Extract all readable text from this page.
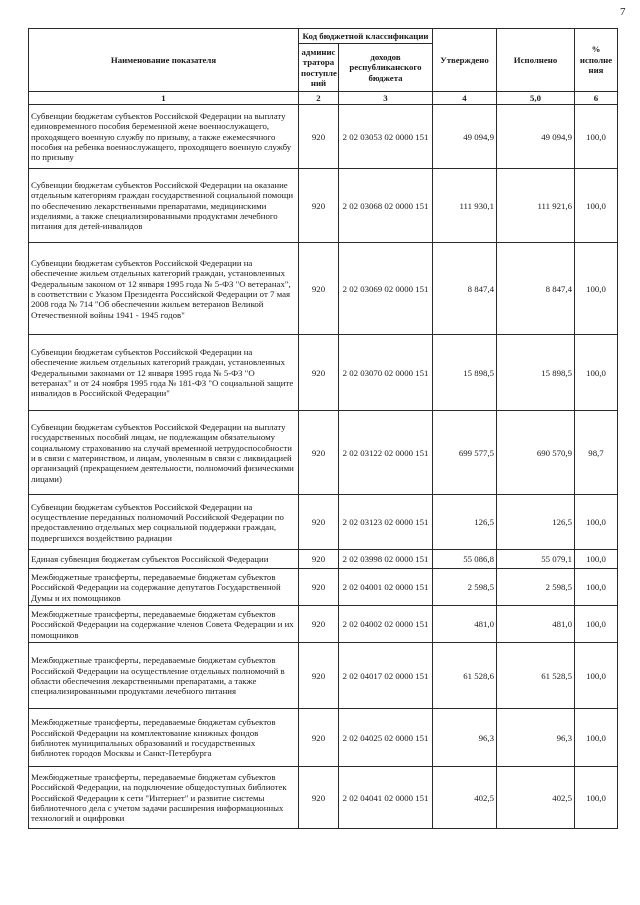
7
Наименование показателя	Код бюджетной классификации		Утверждено	Исполнено	% исполне ния
	админис тратора поступле ний	доходов республиканского бюджета			
1	2	3	4	5,0	6
Субвенции бюджетам субъектов Российской Федерации на выплату единовременного пособия беременной жене военнослужащего, проходящего военную службу по призыву, а также ежемесячного пособия на ребенка военнослужащего, проходящего военную службу по призыву	920	2 02 03053 02 0000 151	49 094,9	49 094,9	100,0
Субвенции бюджетам субъектов Российской Федерации на оказание отдельным категориям граждан государственной социальной помощи по обеспечению лекарственными препаратами, медицинскими изделиями, а также специализированными продуктами лечебного питания для детей-инвалидов	920	2 02 03068 02 0000 151	111 930,1	111 921,6	100,0
Субвенции бюджетам субъектов Российской Федерации на обеспечение жильем отдельных категорий граждан, установленных Федеральным законом от 12 января 1995 года № 5-ФЗ "О ветеранах", в соответствии с Указом Президента Российской Федерации от 7 мая 2008 года № 714 "Об обеспечении жильем ветеранов Великой Отечественной войны 1941 - 1945 годов"	920	2 02 03069 02 0000 151	8 847,4	8 847,4	100,0
Субвенции бюджетам субъектов Российской Федерации на обеспечение жильем отдельных категорий граждан, установленных Федеральными законами от 12 января 1995 года № 5-ФЗ "О ветеранах" и от 24 ноября 1995 года № 181-ФЗ "О социальной защите инвалидов в Российской Федерации"	920	2 02 03070 02 0000 151	15 898,5	15 898,5	100,0
Субвенции бюджетам субъектов Российской Федерации на выплату государственных пособий лицам, не подлежащим обязательному социальному страхованию на случай временной нетрудоспособности и в связи с материнством, и лицам, уволенным в связи с ликвидацией организаций (прекращением деятельности, полномочий физическими лицами)	920	2 02 03122 02 0000 151	699 577,5	690 570,9	98,7
Субвенции бюджетам субъектов Российской Федерации на осуществление переданных полномочий Российской Федерации по предоставлению отдельных мер социальной поддержки граждан, подвергшихся воздействию радиации	920	2 02 03123 02 0000 151	126,5	126,5	100,0
Единая субвенция бюджетам субъектов Российской Федерации	920	2 02 03998 02 0000 151	55 086,8	55 079,1	100,0
Межбюджетные трансферты, передаваемые бюджетам субъектов Российской Федерации на содержание депутатов Государственной Думы и их помощников	920	2 02 04001 02 0000 151	2 598,5	2 598,5	100,0
Межбюджетные трансферты, передаваемые бюджетам субъектов Российской Федерации на содержание членов Совета Федерации и их помощников	920	2 02 04002 02 0000 151	481,0	481,0	100,0
Межбюджетные трансферты, передаваемые бюджетам субъектов Российской Федерации на осуществление отдельных полномочий в области обеспечения лекарственными препаратами, а также специализированными продуктами лечебного питания	920	2 02 04017 02 0000 151	61 528,6	61 528,5	100,0
Межбюджетные трансферты, передаваемые бюджетам субъектов Российской Федерации на комплектование книжных фондов библиотек муниципальных образований и государственных библиотек городов Москвы и Санкт-Петербурга	920	2 02 04025 02 0000 151	96,3	96,3	100,0
Межбюджетные трансферты, передаваемые бюджетам субъектов Российской Федерации, на подключение общедоступных библиотек Российской Федерации к сети "Интернет" и развитие системы библиотечного дела с учетом задачи расширения информационных технологий и оцифровки	920	2 02 04041 02 0000 151	402,5	402,5	100,0
